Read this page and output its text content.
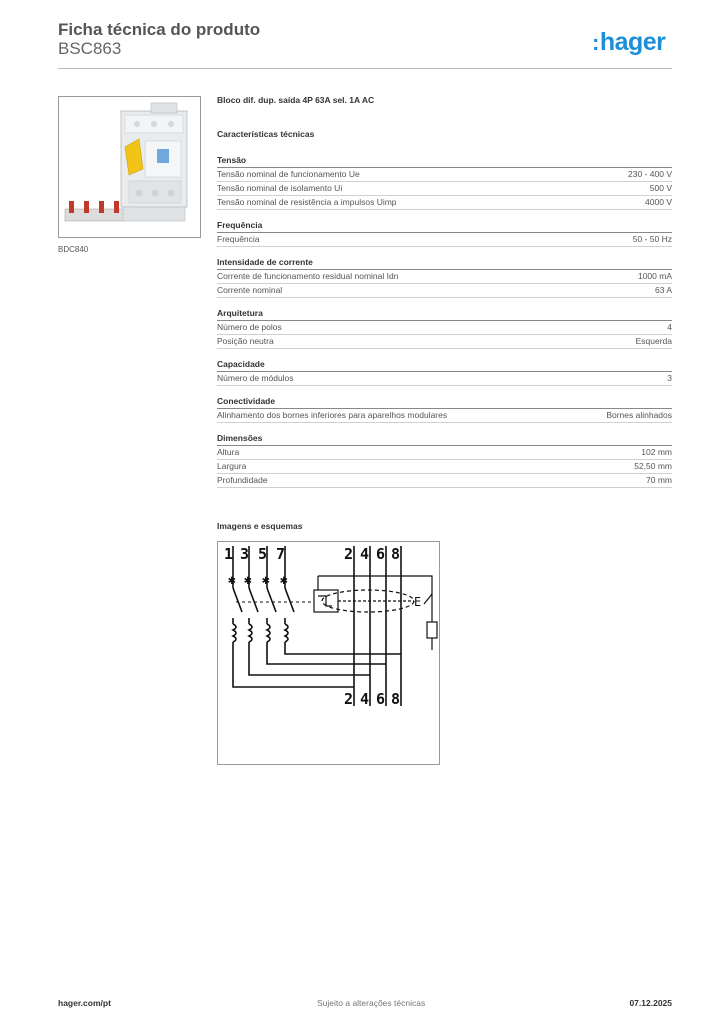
Ficha técnica do produto
BSC863	:hager
BDC840
Bloco dif. dup. saída 4P 63A sel. 1A AC
Características técnicas
Tensão
Tensão nominal de funcionamento Ue	230 - 400 V
Tensão nominal de isolamento Ui	500 V
Tensão nominal de resistência a impulsos Uimp	4000 V
Frequência
Frequência	50 - 50 Hz
Intensidade de corrente
Corrente de funcionamento residual nominal Idn	1000 mA
Corrente nominal	63 A
Arquitetura
Número de polos	4
Posição neutra	Esquerda
Capacidade
Número de módulos	3
Conectividade
Alinhamento dos bornes inferiores para aparelhos modulares	Bornes alinhados
Dimensões
Altura	102 mm
Largura	52,50 mm
Profundidade	70 mm
Imagens e esquemas
1 3 5 7	2 4 6 8
2 4 6 8
✱ ✱ ✱ ✱
E
hager.com/pt	Sujeito a alterações técnicas	07.12.2025
